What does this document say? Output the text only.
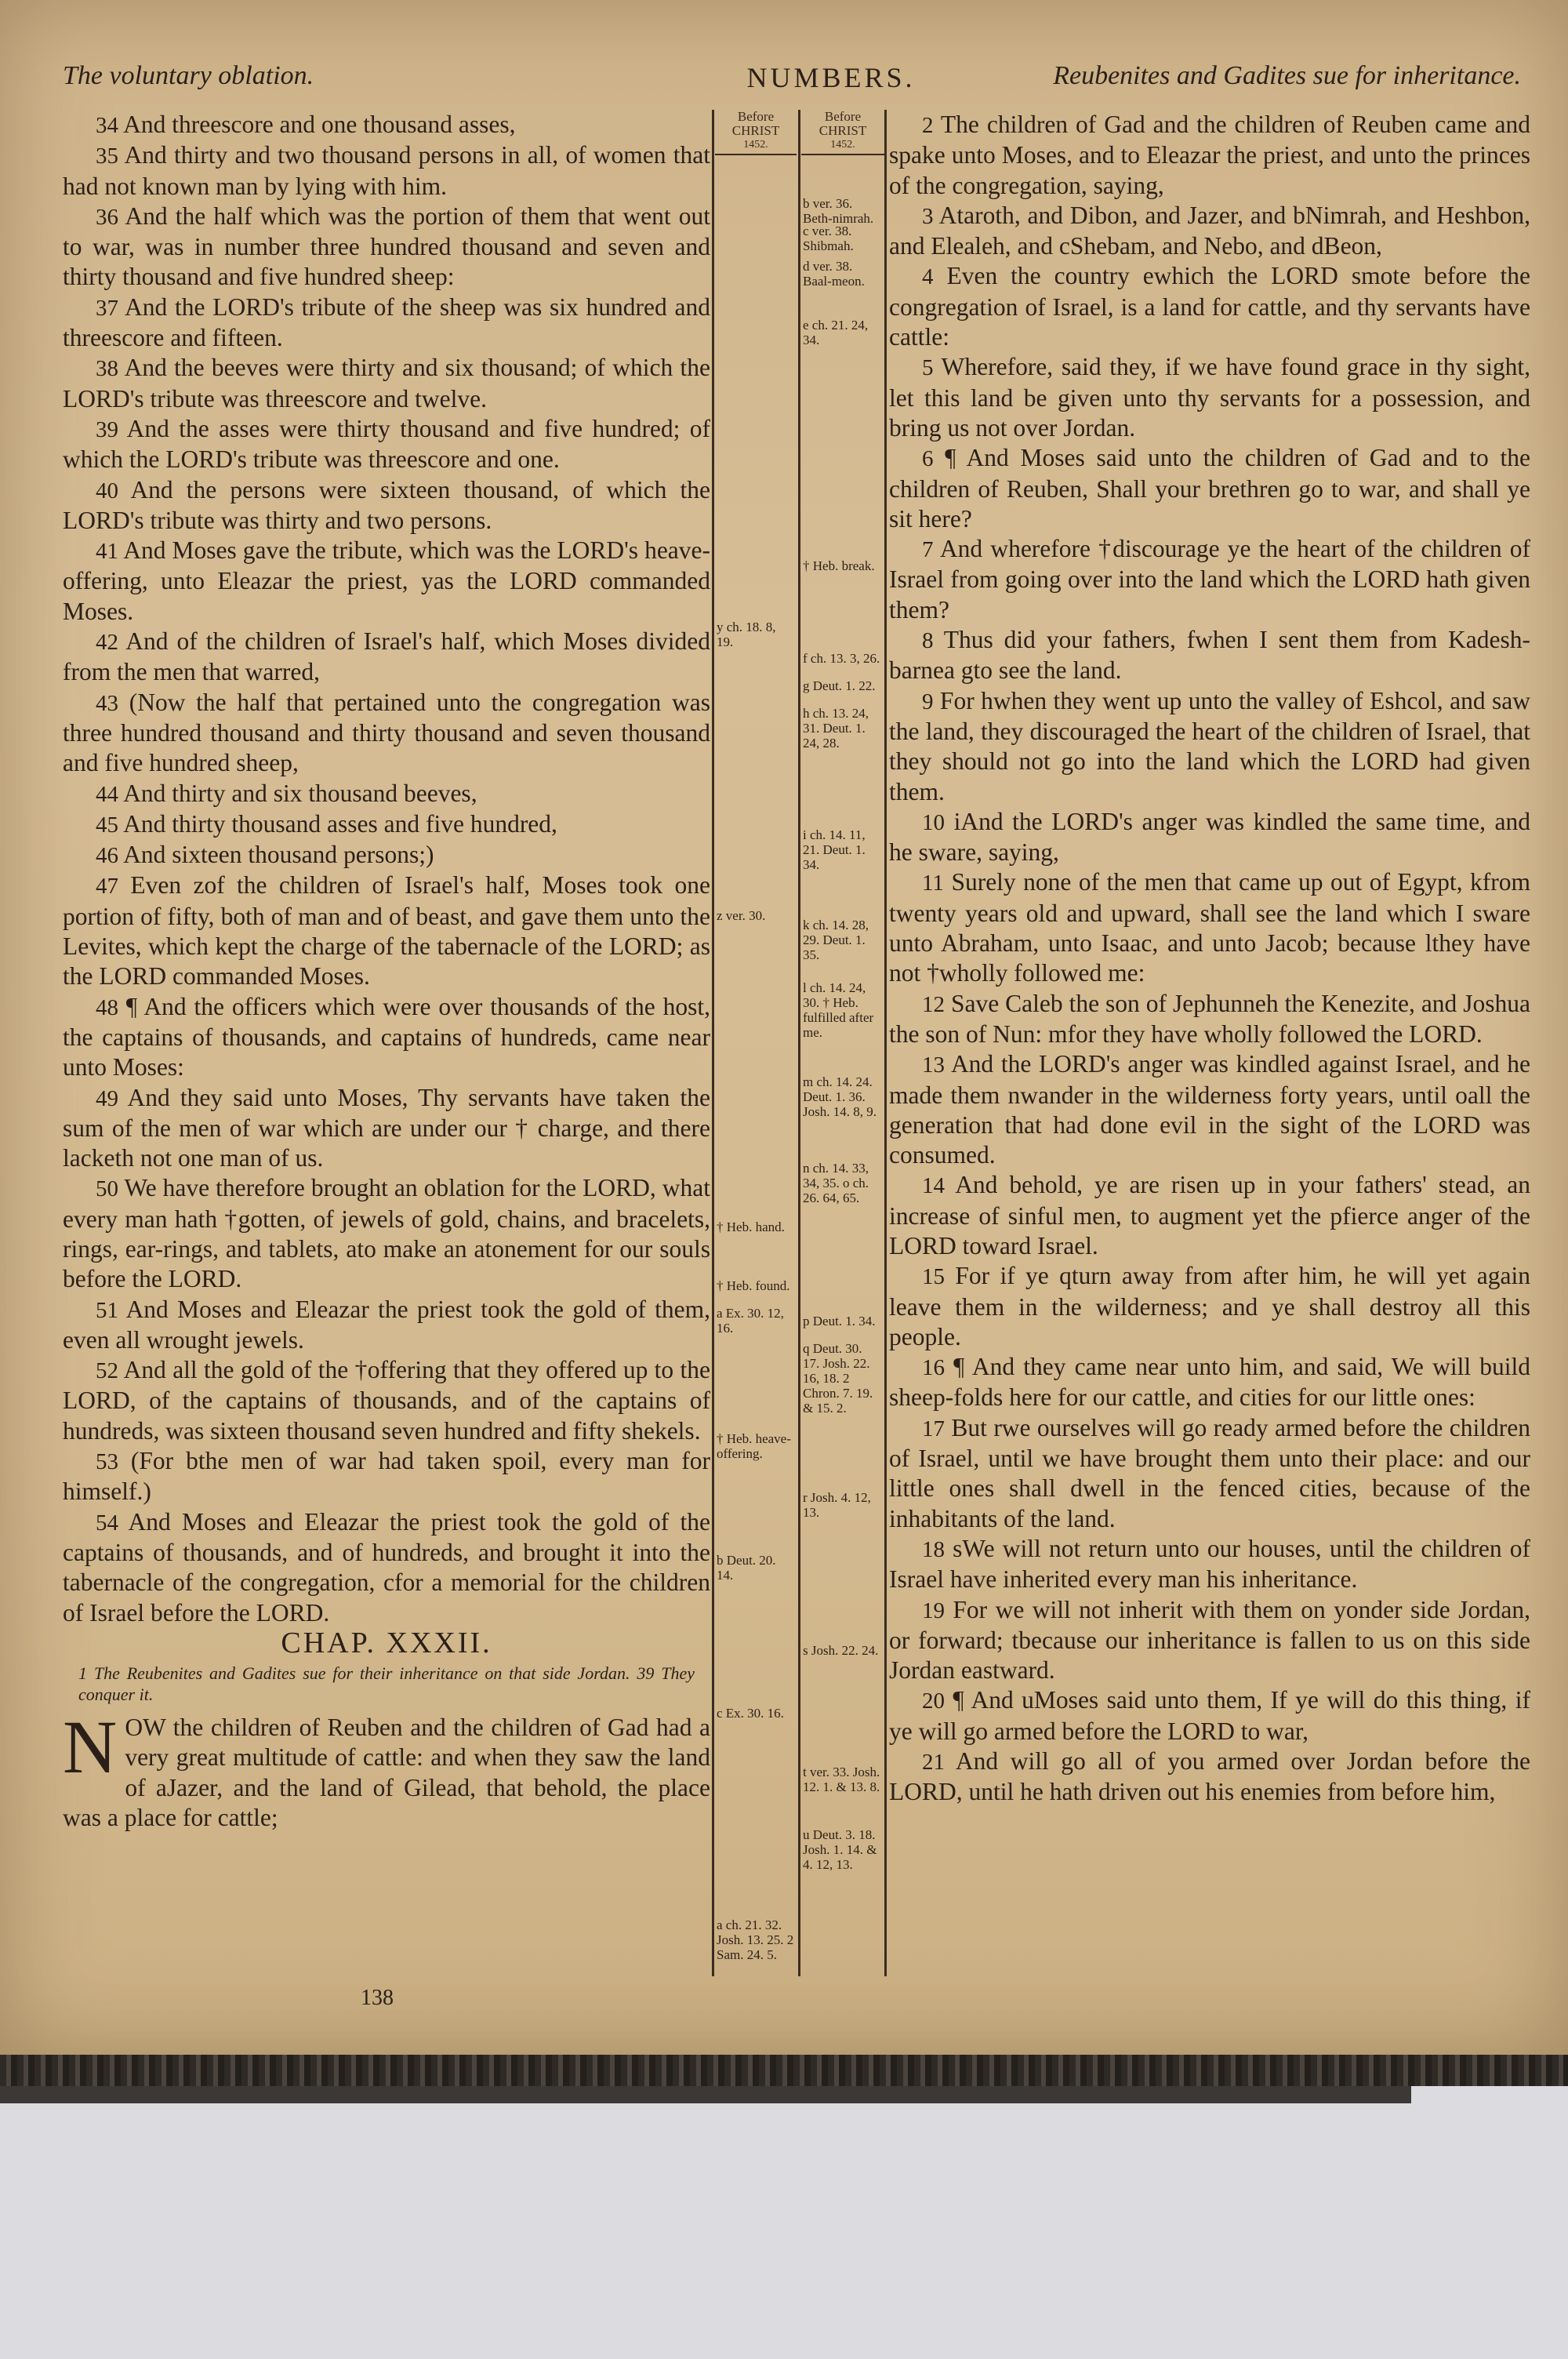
The voluntary oblation.	NUMBERS.	Reubenites and Gadites sue for inheritance.

34 And threescore and one thousand asses,

35 And thirty and two thousand persons in all, of women that had not known man by lying with him.

36 And the half which was the portion of them that went out to war, was in number three hundred thousand and seven and thirty thousand and five hundred sheep:

37 And the LORD's tribute of the sheep was six hundred and threescore and fifteen.

38 And the beeves were thirty and six thousand; of which the LORD's tribute was threescore and twelve.

39 And the asses were thirty thousand and five hundred; of which the LORD's tribute was threescore and one.

40 And the persons were sixteen thousand, of which the LORD's tribute was thirty and two persons.

41 And Moses gave the tribute, which was the LORD's heave-offering, unto Eleazar the priest, yas the LORD commanded Moses.

42 And of the children of Israel's half, which Moses divided from the men that warred,

43 (Now the half that pertained unto the congregation was three hundred thousand and thirty thousand and seven thousand and five hundred sheep,

44 And thirty and six thousand beeves,

45 And thirty thousand asses and five hundred,

46 And sixteen thousand persons;)

47 Even zof the children of Israel's half, Moses took one portion of fifty, both of man and of beast, and gave them unto the Levites, which kept the charge of the tabernacle of the LORD; as the LORD commanded Moses.

48 ¶ And the officers which were over thousands of the host, the captains of thousands, and captains of hundreds, came near unto Moses:

49 And they said unto Moses, Thy servants have taken the sum of the men of war which are under our † charge, and there lacketh not one man of us.

50 We have therefore brought an oblation for the LORD, what every man hath †gotten, of jewels of gold, chains, and bracelets, rings, ear-rings, and tablets, ato make an atonement for our souls before the LORD.

51 And Moses and Eleazar the priest took the gold of them, even all wrought jewels.

52 And all the gold of the †offering that they offered up to the LORD, of the captains of thousands, and of the captains of hundreds, was sixteen thousand seven hundred and fifty shekels.

53 (For bthe men of war had taken spoil, every man for himself.)

54 And Moses and Eleazar the priest took the gold of the captains of thousands, and of hundreds, and brought it into the tabernacle of the congregation, cfor a memorial for the children of Israel before the LORD.

CHAP. XXXII.

1 The Reubenites and Gadites sue for their inheritance on that side Jordan. 39 They conquer it.

NOW the children of Reuben and the children of Gad had a very great multitude of cattle: and when they saw the land of aJazer, and the land of Gilead, that behold, the place was a place for cattle;

Before
CHRIST
1452.
Before
CHRIST
1452.
y ch. 18. 8, 19.
z ver. 30.
† Heb. hand.
† Heb. found.
a Ex. 30. 12, 16.
† Heb. heave-offering.
b Deut. 20. 14.
c Ex. 30. 16.
a ch. 21. 32. Josh. 13. 25. 2 Sam. 24. 5.
b ver. 36. Beth-nimrah.
c ver. 38. Shibmah.
d ver. 38. Baal-meon.
e ch. 21. 24, 34.
† Heb. break.
f ch. 13. 3, 26.
g Deut. 1. 22.
h ch. 13. 24, 31. Deut. 1. 24, 28.
i ch. 14. 11, 21. Deut. 1. 34.
k ch. 14. 28, 29. Deut. 1. 35.
l ch. 14. 24, 30. † Heb. fulfilled after me.
m ch. 14. 24. Deut. 1. 36. Josh. 14. 8, 9.
n ch. 14. 33, 34, 35. o ch. 26. 64, 65.
p Deut. 1. 34.
q Deut. 30. 17. Josh. 22. 16, 18. 2 Chron. 7. 19. & 15. 2.
r Josh. 4. 12, 13.
s Josh. 22. 24.
t ver. 33. Josh. 12. 1. & 13. 8.
u Deut. 3. 18. Josh. 1. 14. & 4. 12, 13.

2 The children of Gad and the children of Reuben came and spake unto Moses, and to Eleazar the priest, and unto the princes of the congregation, saying,

3 Ataroth, and Dibon, and Jazer, and bNimrah, and Heshbon, and Elealeh, and cShebam, and Nebo, and dBeon,

4 Even the country ewhich the LORD smote before the congregation of Israel, is a land for cattle, and thy servants have cattle:

5 Wherefore, said they, if we have found grace in thy sight, let this land be given unto thy servants for a possession, and bring us not over Jordan.

6 ¶ And Moses said unto the children of Gad and to the children of Reuben, Shall your brethren go to war, and shall ye sit here?

7 And wherefore †discourage ye the heart of the children of Israel from going over into the land which the LORD hath given them?

8 Thus did your fathers, fwhen I sent them from Kadesh-barnea gto see the land.

9 For hwhen they went up unto the valley of Eshcol, and saw the land, they discouraged the heart of the children of Israel, that they should not go into the land which the LORD had given them.

10 iAnd the LORD's anger was kindled the same time, and he sware, saying,

11 Surely none of the men that came up out of Egypt, kfrom twenty years old and upward, shall see the land which I sware unto Abraham, unto Isaac, and unto Jacob; because lthey have not †wholly followed me:

12 Save Caleb the son of Jephunneh the Kenezite, and Joshua the son of Nun: mfor they have wholly followed the LORD.

13 And the LORD's anger was kindled against Israel, and he made them nwander in the wilderness forty years, until oall the generation that had done evil in the sight of the LORD was consumed.

14 And behold, ye are risen up in your fathers' stead, an increase of sinful men, to augment yet the pfierce anger of the LORD toward Israel.

15 For if ye qturn away from after him, he will yet again leave them in the wilderness; and ye shall destroy all this people.

16 ¶ And they came near unto him, and said, We will build sheep-folds here for our cattle, and cities for our little ones:

17 But rwe ourselves will go ready armed before the children of Israel, until we have brought them unto their place: and our little ones shall dwell in the fenced cities, because of the inhabitants of the land.

18 sWe will not return unto our houses, until the children of Israel have inherited every man his inheritance.

19 For we will not inherit with them on yonder side Jordan, or forward; tbecause our inheritance is fallen to us on this side Jordan eastward.

20 ¶ And uMoses said unto them, If ye will do this thing, if ye will go armed before the LORD to war,

21 And will go all of you armed over Jordan before the LORD, until he hath driven out his enemies from before him,

138
